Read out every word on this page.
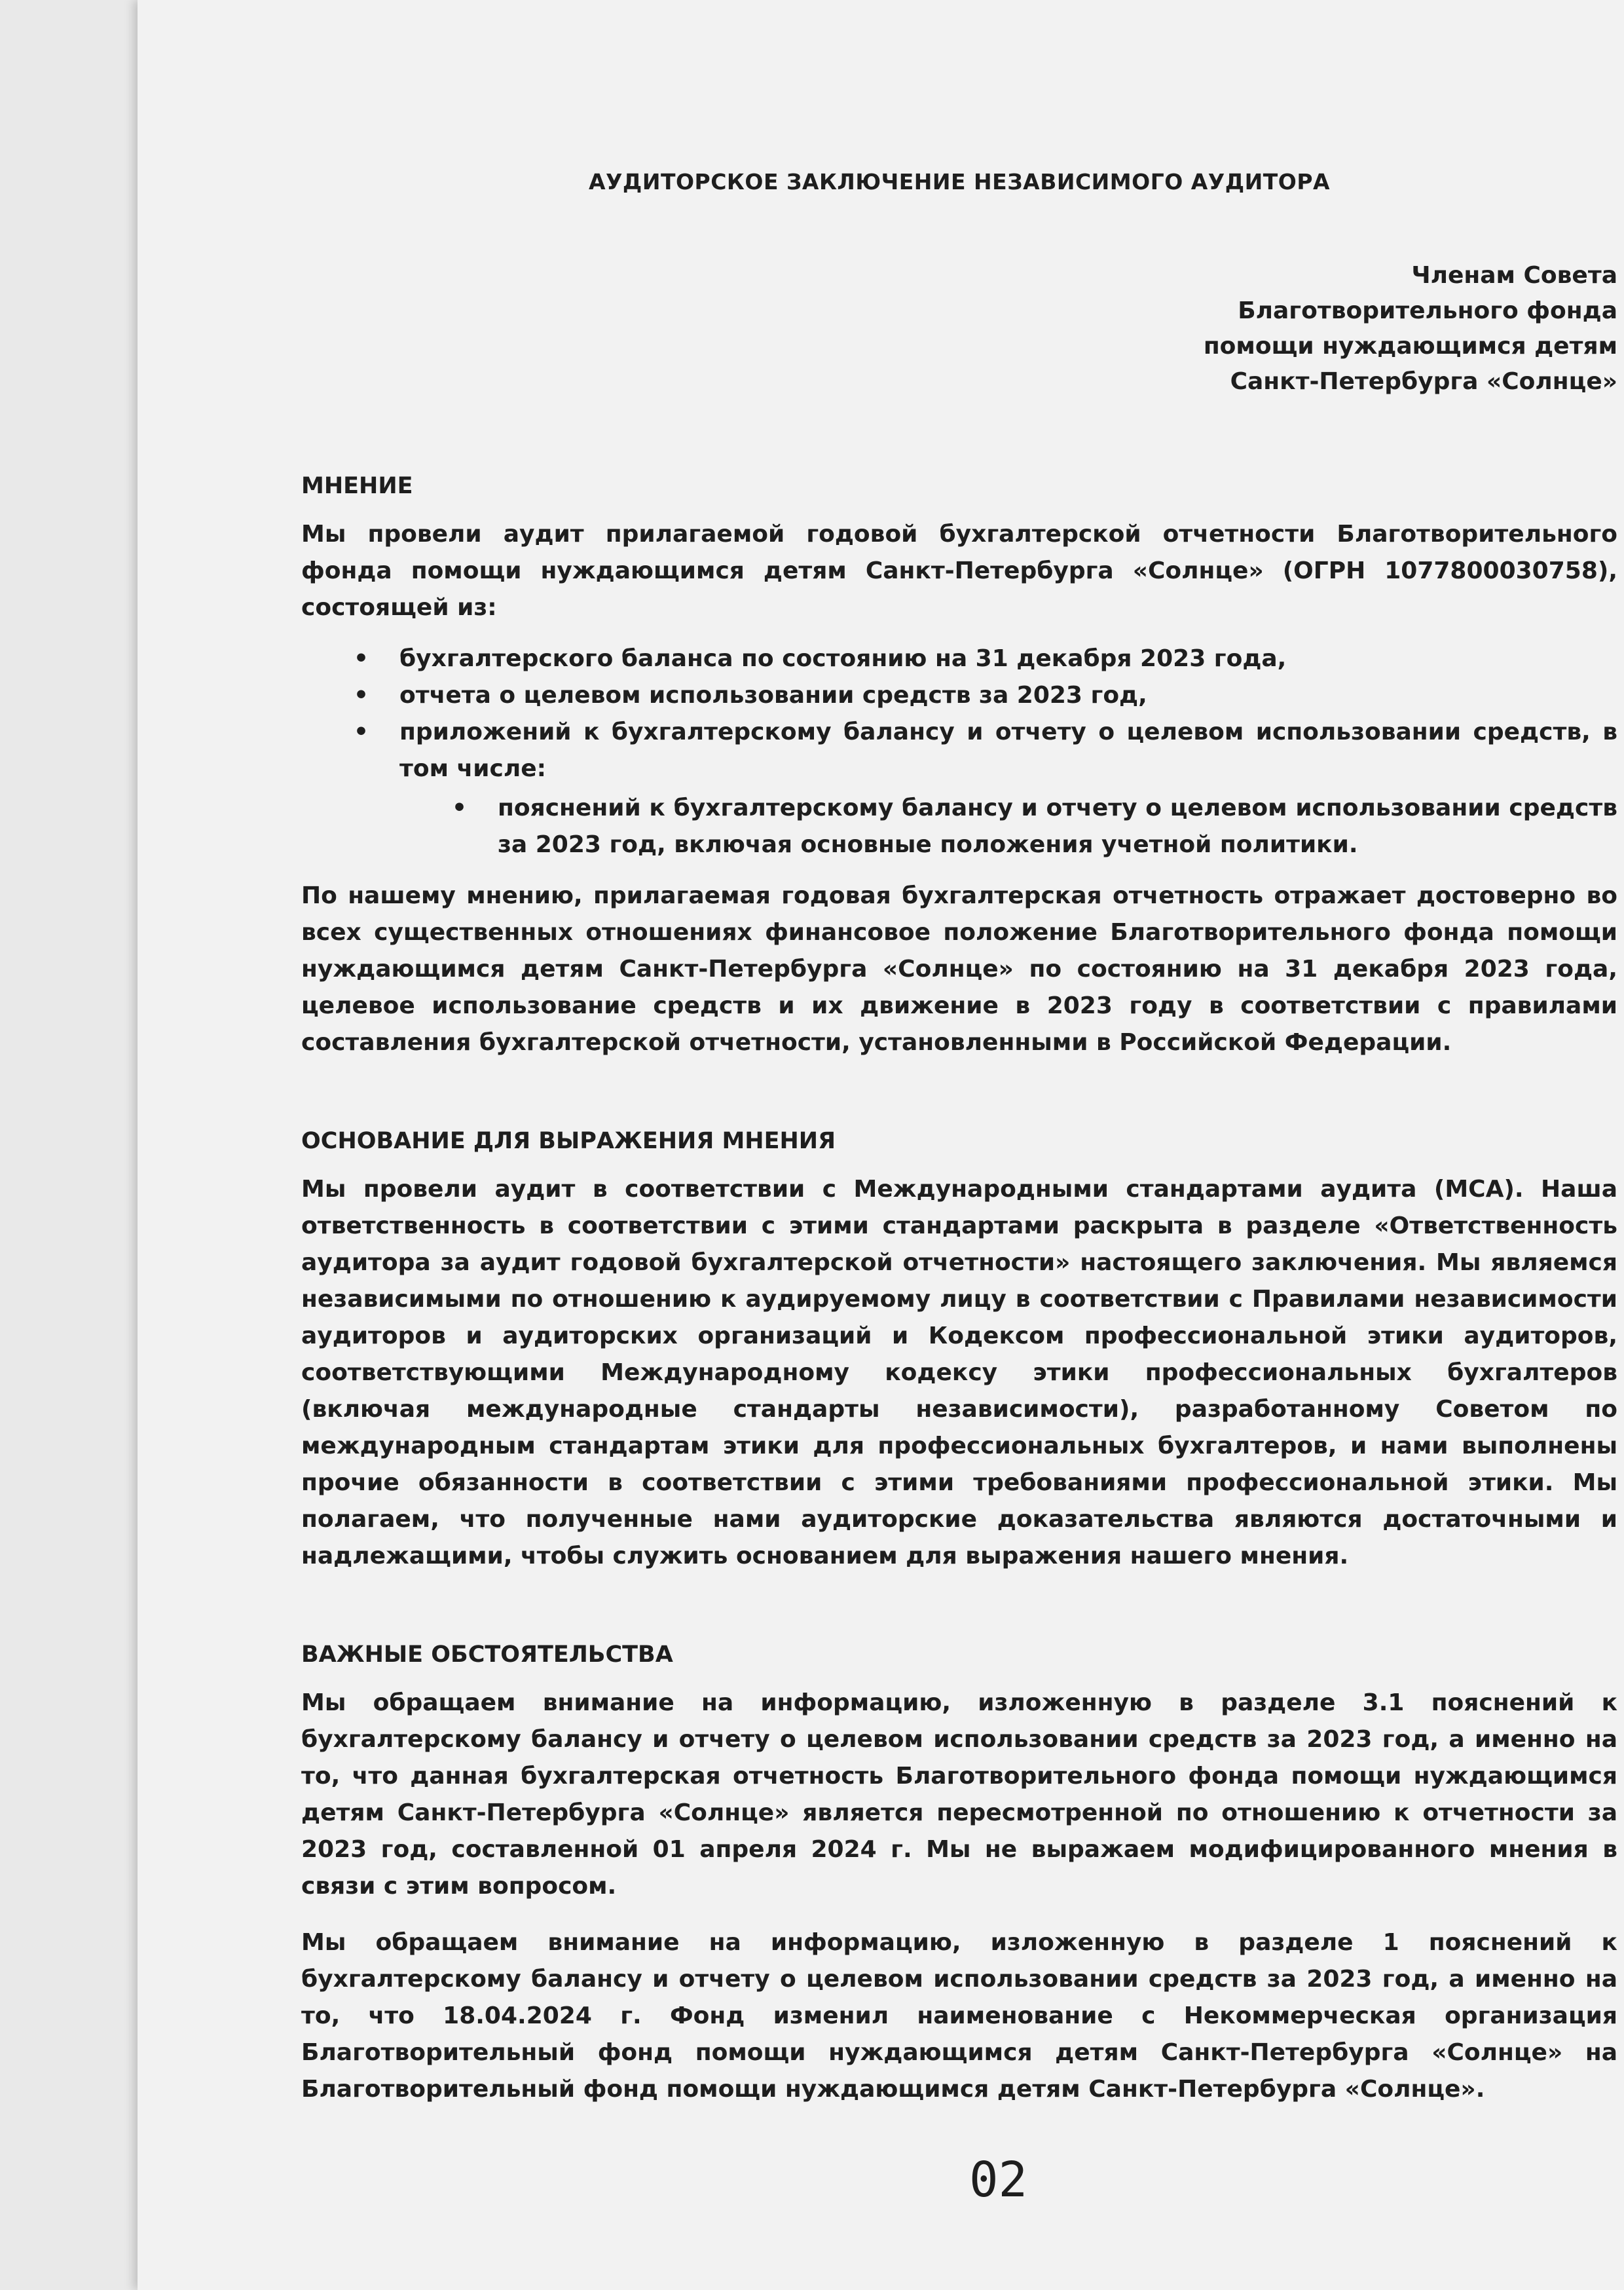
АУДИТОРСКОЕ ЗАКЛЮЧЕНИЕ НЕЗАВИСИМОГО АУДИТОРА
Членам Совета
Благотворительного фонда
помощи нуждающимся детям
Санкт-Петербурга «Солнце»
МНЕНИЕ

Мы провели аудит прилагаемой годовой бухгалтерской отчетности Благотворительного фонда помощи нуждающимся детям Санкт-Петербурга «Солнце» (ОГРН 1077800030758), состоящей из:

• бухгалтерского баланса по состоянию на 31 декабря 2023 года,
• отчета о целевом использовании средств за 2023 год,
• приложений к бухгалтерскому балансу и отчету о целевом использовании средств, в том числе:
• пояснений к бухгалтерскому балансу и отчету о целевом использовании средств за 2023 год, включая основные положения учетной политики.

По нашему мнению, прилагаемая годовая бухгалтерская отчетность отражает достоверно во всех существенных отношениях финансовое положение Благотворительного фонда помощи нуждающимся детям Санкт-Петербурга «Солнце» по состоянию на 31 декабря 2023 года, целевое использование средств и их движение в 2023 году в соответствии с правилами составления бухгалтерской отчетности, установленными в Российской Федерации.

ОСНОВАНИЕ ДЛЯ ВЫРАЖЕНИЯ МНЕНИЯ

Мы провели аудит в соответствии с Международными стандартами аудита (МСА). Наша ответственность в соответствии с этими стандартами раскрыта в разделе «Ответственность аудитора за аудит годовой бухгалтерской отчетности» настоящего заключения. Мы являемся независимыми по отношению к аудируемому лицу в соответствии с Правилами независимости аудиторов и аудиторских организаций и Кодексом профессиональной этики аудиторов, соответствующими Международному кодексу этики профессиональных бухгалтеров (включая международные стандарты независимости), разработанному Советом по международным стандартам этики для профессиональных бухгалтеров, и нами выполнены прочие обязанности в соответствии с этими требованиями профессиональной этики. Мы полагаем, что полученные нами аудиторские доказательства являются достаточными и надлежащими, чтобы служить основанием для выражения нашего мнения.

ВАЖНЫЕ ОБСТОЯТЕЛЬСТВА

Мы обращаем внимание на информацию, изложенную в разделе 3.1 пояснений к бухгалтерскому балансу и отчету о целевом использовании средств за 2023 год, а именно на то, что данная бухгалтерская отчетность Благотворительного фонда помощи нуждающимся детям Санкт-Петербурга «Солнце» является пересмотренной по отношению к отчетности за 2023 год, составленной 01 апреля 2024 г. Мы не выражаем модифицированного мнения в связи с этим вопросом.

Мы обращаем внимание на информацию, изложенную в разделе 1 пояснений к бухгалтерскому балансу и отчету о целевом использовании средств за 2023 год, а именно на то, что 18.04.2024 г. Фонд изменил наименование с Некоммерческая организация Благотворительный фонд помощи нуждающимся детям Санкт-Петербурга «Солнце» на Благотворительный фонд помощи нуждающимся детям Санкт-Петербурга «Солнце».

02
